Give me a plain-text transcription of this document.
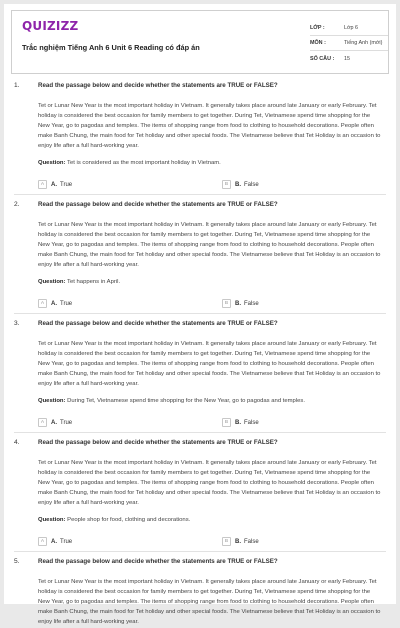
QUIZIZZ
Trắc nghiệm Tiếng Anh 6 Unit 6 Reading có đáp án
LỚP :	Lớp 6
MÔN :	Tiếng Anh (mới)
SỐ CÂU :	15
1.	Read the passage below and decide whether the statements are TRUE or FALSE?
Tet or Lunar New Year is the most important holiday in Vietnam. It generally takes place around late January or early February. Tet holiday is considered the best occasion for family members to get together. During Tet, Vietnamese spend time shopping for the New Year, go to pagodas and temples. The items of shopping range from food to clothing to household decorations. People often make Banh Chung, the main food for Tet holiday and other special foods. The Vietnamese believe that Tet Holiday is an occasion to enjoy life after a full hard-working year.
Question: Tet is considered as the most important holiday in Vietnam.
A	A. True	B	B. False
2.	Read the passage below and decide whether the statements are TRUE or FALSE?
Tet or Lunar New Year is the most important holiday in Vietnam. It generally takes place around late January or early February. Tet holiday is considered the best occasion for family members to get together. During Tet, Vietnamese spend time shopping for the New Year, go to pagodas and temples. The items of shopping range from food to clothing to household decorations. People often make Banh Chung, the main food for Tet holiday and other special foods. The Vietnamese believe that Tet Holiday is an occasion to enjoy life after a full hard-working year.
Question: Tet happens in April.
A	A. True	B	B. False
3.	Read the passage below and decide whether the statements are TRUE or FALSE?
Tet or Lunar New Year is the most important holiday in Vietnam. It generally takes place around late January or early February. Tet holiday is considered the best occasion for family members to get together. During Tet, Vietnamese spend time shopping for the New Year, go to pagodas and temples. The items of shopping range from food to clothing to household decorations. People often make Banh Chung, the main food for Tet holiday and other special foods. The Vietnamese believe that Tet Holiday is an occasion to enjoy life after a full hard-working year.
Question: During Tet, Vietnamese spend time shopping for the New Year, go to pagodas and temples.
A	A. True	B	B. False
4.	Read the passage below and decide whether the statements are TRUE or FALSE?
Tet or Lunar New Year is the most important holiday in Vietnam. It generally takes place around late January or early February. Tet holiday is considered the best occasion for family members to get together. During Tet, Vietnamese spend time shopping for the New Year, go to pagodas and temples. The items of shopping range from food to clothing to household decorations. People often make Banh Chung, the main food for Tet holiday and other special foods. The Vietnamese believe that Tet Holiday is an occasion to enjoy life after a full hard-working year.
Question: People shop for food, clothing and decorations.
A	A. True	B	B. False
5.	Read the passage below and decide whether the statements are TRUE or FALSE?
Tet or Lunar New Year is the most important holiday in Vietnam. It generally takes place around late January or early February. Tet holiday is considered the best occasion for family members to get together. During Tet, Vietnamese spend time shopping for the New Year, go to pagodas and temples. The items of shopping range from food to clothing to household decorations. People often make Banh Chung, the main food for Tet holiday and other special foods. The Vietnamese believe that Tet Holiday is an occasion to enjoy life after a full hard-working year.
